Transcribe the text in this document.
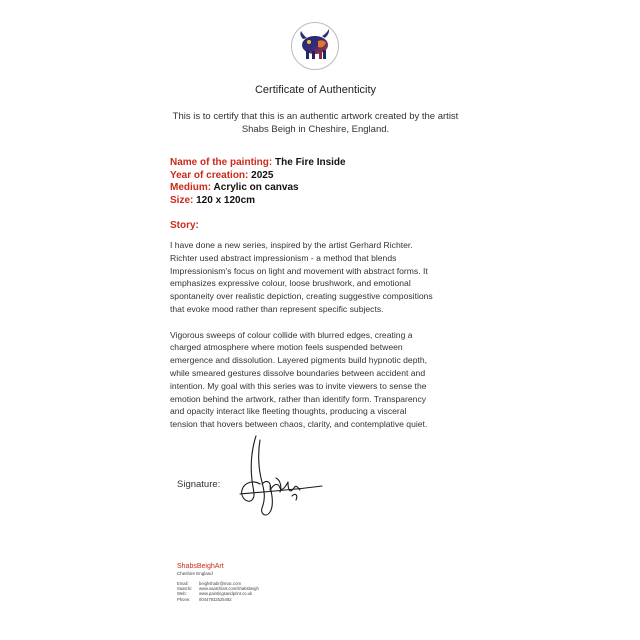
Certificate of Authenticity
This is to certify that this is an authentic artwork created by the artist
Shabs Beigh in Cheshire, England.
Name of the painting: The Fire Inside
Year of creation: 2025
Medium: Acrylic on canvas
Size: 120 x 120cm
Story:
I have done a new series, inspired by the artist Gerhard Richter.
Richter used abstract impressionism - a method that blends
Impressionism’s focus on light and movement with abstract forms. It
emphasizes expressive colour, loose brushwork, and emotional
spontaneity over realistic depiction, creating suggestive compositions
that evoke mood rather than represent specific subjects.
Vigorous sweeps of colour collide with blurred edges, creating a
charged atmosphere where motion feels suspended between
emergence and dissolution. Layered pigments build hypnotic depth,
while smeared gestures dissolve boundaries between accident and
intention. My goal with this series was to invite viewers to sense the
emotion behind the artwork, rather than identify form. Transparency
and opacity interact like fleeting thoughts, producing a visceral
tension that hovers between chaos, clarity, and contemplative quiet.
Signature:
ShabsBeighArt
Cheshire England
Email: beighshabr@mac.com
Saatchi: www.saatchiart.com/shabsbeigh
Web:	www.paintingsandprint.co.uk
Phone: 00447932525492
